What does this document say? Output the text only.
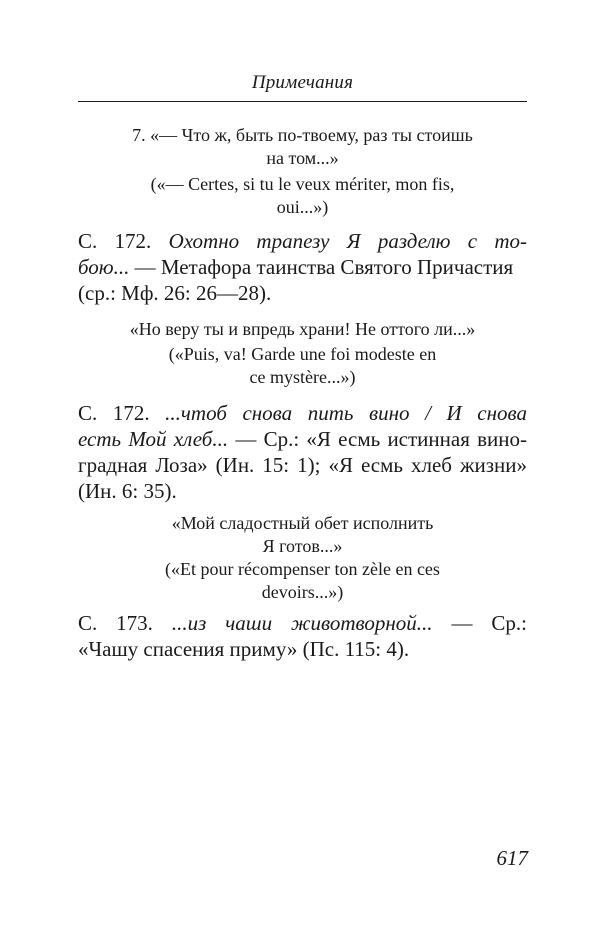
Примечания
7. «— Что ж, быть по-твоему, раз ты стоишь
на том...»
(«— Certes, si tu le veux mériter, mon fis,
oui...»)
С. 172. Охотно трапезу Я разделю с то-
бою... — Метафора таинства Святого Причастия
(ср.: Мф. 26: 26—28).
«Но веру ты и впредь храни! Не оттого ли...»
(«Puis, va! Garde une foi modeste en
ce mystère...»)
С. 172. ...чтоб снова пить вино / И снова
есть Мой хлеб... — Ср.: «Я есмь истинная вино-
градная Лоза» (Ин. 15: 1); «Я есмь хлеб жизни»
(Ин. 6: 35).
«Мой сладостный обет исполнить
Я готов...»
(«Et pour récompenser ton zèle en ces
devoirs...»)
С. 173. ...из чаши животворной... — Ср.:
«Чашу спасения приму» (Пс. 115: 4).
617
